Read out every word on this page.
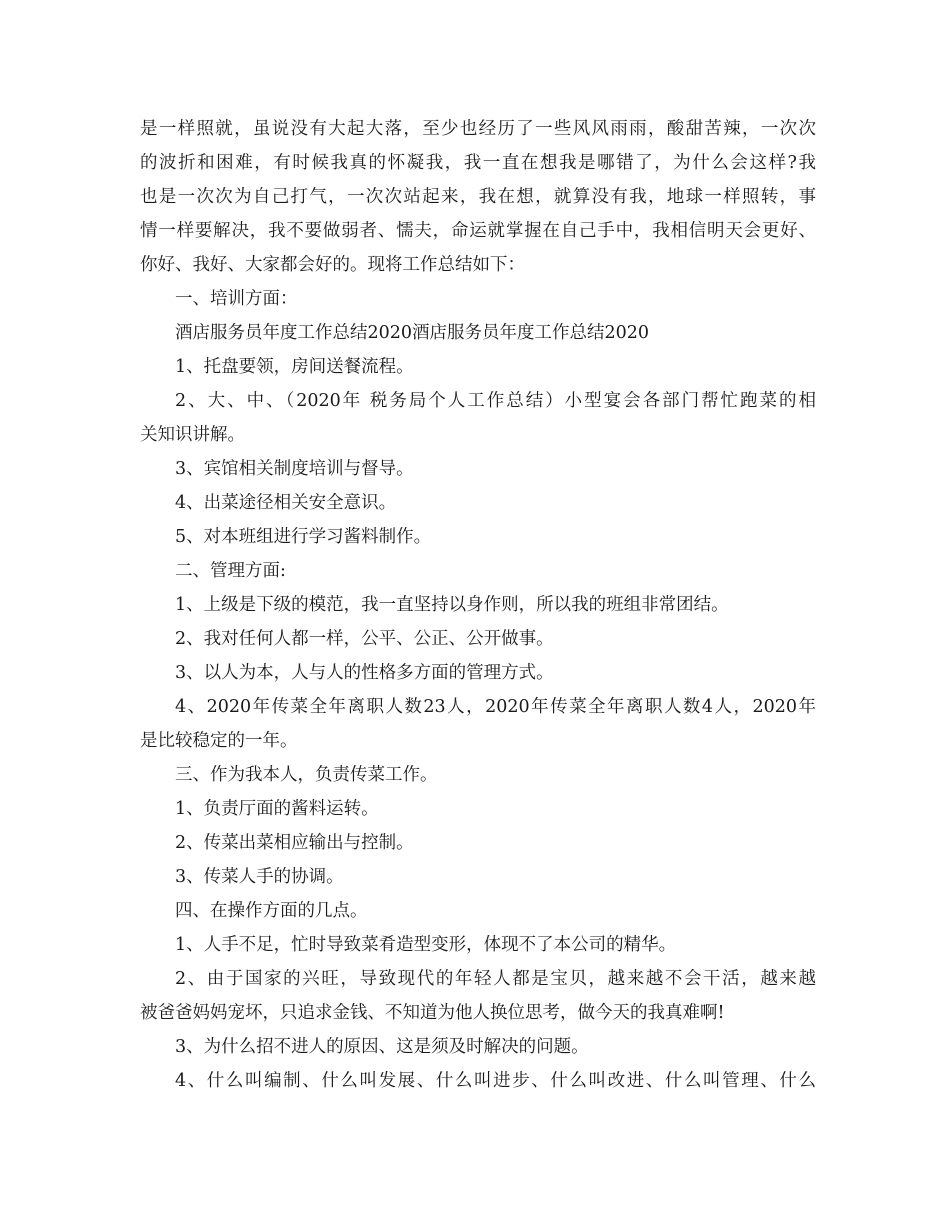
是一样照就，虽说没有大起大落，至少也经历了一些风风雨雨，酸甜苦辣，一次次
的波折和困难，有时候我真的怀凝我，我一直在想我是哪错了，为什么会这样?我
也是一次次为自己打气，一次次站起来，我在想，就算没有我，地球一样照转，事
情一样要解决，我不要做弱者、懦夫，命运就掌握在自己手中，我相信明天会更好、
你好、我好、大家都会好的。现将工作总结如下：
一、培训方面：
酒店服务员年度工作总结2020酒店服务员年度工作总结2020
1、托盘要领，房间送餐流程。
2、大、中、（2020年 税务局个人工作总结）小型宴会各部门帮忙跑菜的相
关知识讲解。
3、宾馆相关制度培训与督导。
4、出菜途径相关安全意识。
5、对本班组进行学习酱料制作。
二、管理方面:
1、上级是下级的模范，我一直坚持以身作则，所以我的班组非常团结。
2、我对任何人都一样，公平、公正、公开做事。
3、以人为本，人与人的性格多方面的管理方式。
4、2020年传菜全年离职人数23人，2020年传菜全年离职人数4人，2020年
是比较稳定的一年。
三、作为我本人，负责传菜工作。
1、负责厅面的酱料运转。
2、传菜出菜相应输出与控制。
3、传菜人手的协调。
四、在操作方面的几点。
1、人手不足，忙时导致菜肴造型变形，体现不了本公司的精华。
2、由于国家的兴旺，导致现代的年轻人都是宝贝，越来越不会干活，越来越
被爸爸妈妈宠坏，只追求金钱、不知道为他人换位思考，做今天的我真难啊!
3、为什么招不进人的原因、这是须及时解决的问题。
4、什么叫编制、什么叫发展、什么叫进步、什么叫改进、什么叫管理、什么
